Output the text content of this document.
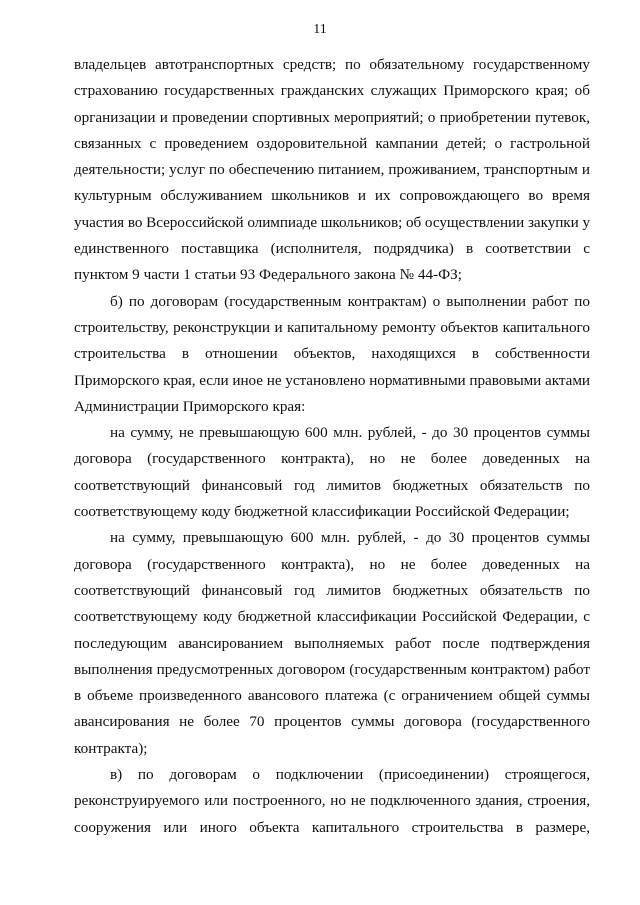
11
владельцев автотранспортных средств; по обязательному государственному
страхованию государственных гражданских служащих Приморского края; об
организации и проведении спортивных мероприятий; о приобретении путевок,
связанных с проведением оздоровительной кампании детей; о гастрольной
деятельности; услуг по обеспечению питанием, проживанием, транспортным и
культурным обслуживанием школьников и их сопровождающего во время
участия во Всероссийской олимпиаде школьников; об осуществлении закупки у
единственного поставщика (исполнителя, подрядчика) в соответствии с
пунктом 9 части 1 статьи 93 Федерального закона № 44-ФЗ;
б) по договорам (государственным контрактам) о выполнении работ по
строительству, реконструкции и капитальному ремонту объектов капитального
строительства в отношении объектов, находящихся в собственности
Приморского края, если иное не установлено нормативными правовыми актами
Администрации Приморского края:
на сумму, не превышающую 600 млн. рублей, - до 30 процентов суммы
договора (государственного контракта), но не более доведенных на
соответствующий финансовый год лимитов бюджетных обязательств по
соответствующему коду бюджетной классификации Российской Федерации;
на сумму, превышающую 600 млн. рублей, - до 30 процентов суммы
договора (государственного контракта), но не более доведенных на
соответствующий финансовый год лимитов бюджетных обязательств по
соответствующему коду бюджетной классификации Российской Федерации, с
последующим авансированием выполняемых работ после подтверждения
выполнения предусмотренных договором (государственным контрактом) работ
в объеме произведенного авансового платежа (с ограничением общей суммы
авансирования не более 70 процентов суммы договора (государственного
контракта);
в) по договорам о подключении (присоединении) строящегося,
реконструируемого или построенного, но не подключенного здания, строения,
сооружения или иного объекта капитального строительства в размере,
